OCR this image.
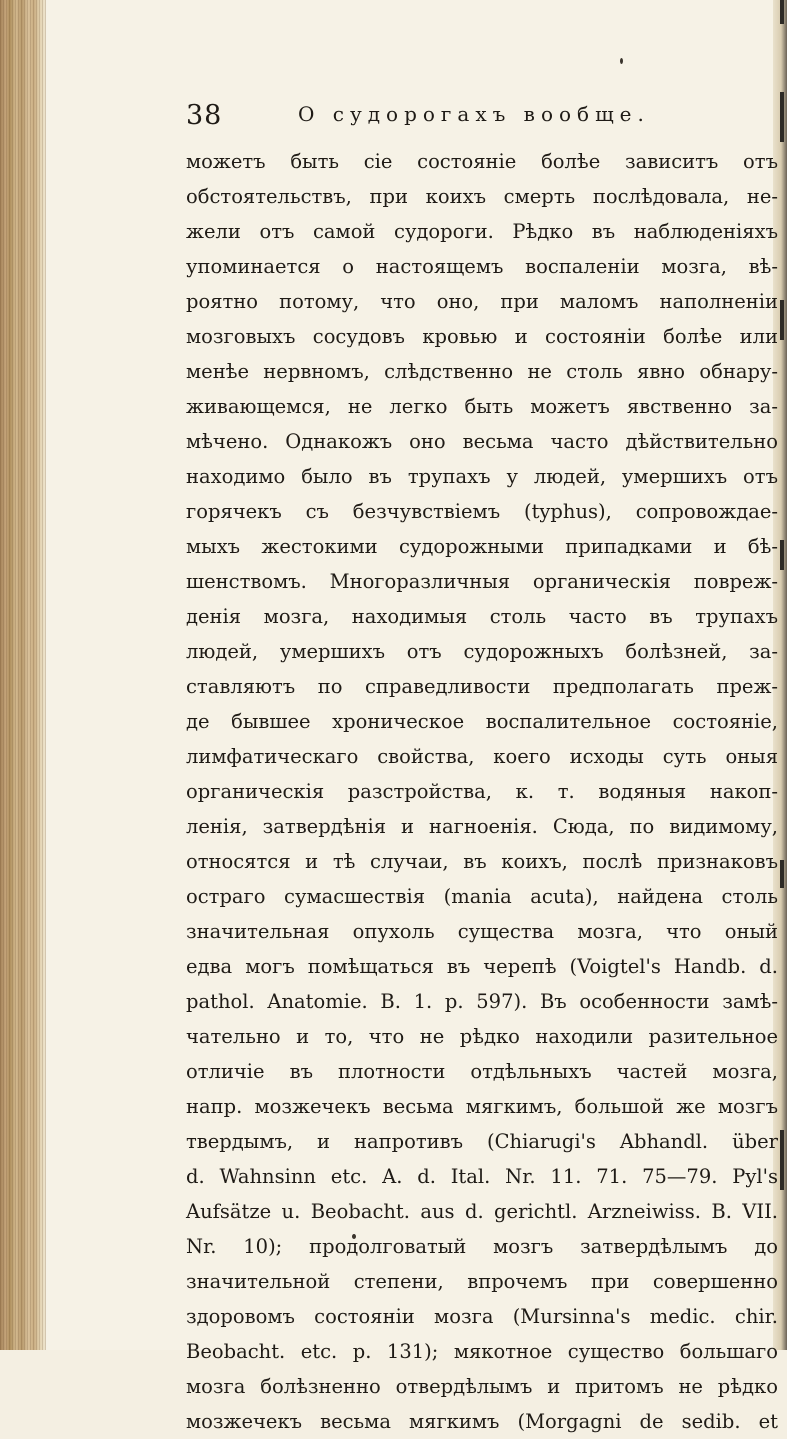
38	О судорогахъ вообще.
можетъ быть сіе состояніе болѣе зависитъ отъ
обстоятельствъ, при коихъ смерть послѣдовала, не-
жели отъ самой судороги. Рѣдко въ наблюденіяхъ
упоминается о настоящемъ воспаленіи мозга, вѣ-
роятно потому, что оно, при маломъ наполненіи
мозговыхъ сосудовъ кровью и состояніи болѣе или
менѣе нервномъ, слѣдственно не столь явно обнару-
живающемся, не легко быть можетъ явственно за-
мѣчено. Однакожъ оно весьма часто дѣйствительно
находимо было въ трупахъ у людей, умершихъ отъ
горячекъ съ безчувствіемъ (typhus), сопровождае-
мыхъ жестокими судорожными припадками и бѣ-
шенствомъ. Многоразличныя органическія повреж-
денія мозга, находимыя столь часто въ трупахъ
людей, умершихъ отъ судорожныхъ болѣзней, за-
ставляютъ по справедливости предполагать преж-
де бывшее хроническое воспалительное состояніе,
лимфатическаго свойства, коего исходы суть оныя
органическія разстройства, к. т. водяныя накоп-
ленія, затвердѣнія и нагноенія. Сюда, по видимому,
относятся и тѣ случаи, въ коихъ, послѣ признаковъ
остраго сумасшествія (mania acuta), найдена столь
значительная опухоль существа мозга, что оный
едва могъ помѣщаться въ черепѣ (Voigtel's Handb. d.
pathol. Anatomie. B. 1. p. 597). Въ особенности замѣ-
чательно и то, что не рѣдко находили разительное
отличіе въ плотности отдѣльныхъ частей мозга,
напр. мозжечекъ весьма мягкимъ, большой же мозгъ
твердымъ, и напротивъ (Chiarugi's Abhandl. über
d. Wahnsinn etc. A. d. Ital. Nr. 11. 71. 75—79. Pyl's
Aufsätze u. Beobacht. aus d. gerichtl. Arzneiwiss. B. VII.
Nr. 10); продолговатый мозгъ затвердѣлымъ до
значительной степени, впрочемъ при совершенно
здоровомъ состояніи мозга (Mursinna's medic. chir.
Beobacht. etc. p. 131); мякотное существо большаго
мозга болѣзненно отвердѣлымъ и притомъ не рѣдко
мозжечекъ весьма мягкимъ (Morgagni de sedib. et
